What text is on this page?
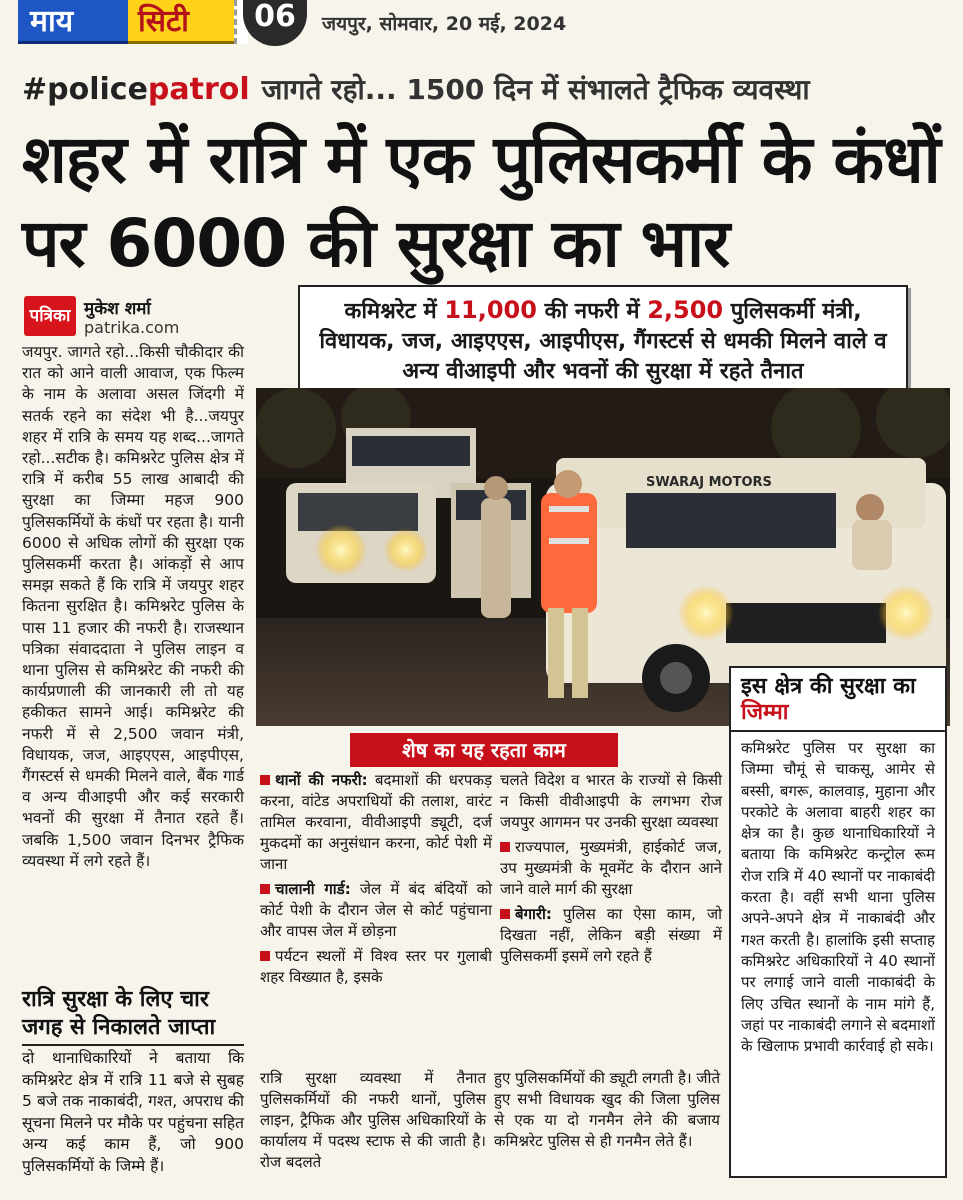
माय	सिटी	06	जयपुर, सोमवार, 20 मई, 2024
#policepatrol जागते रहो... 1500 दिन में संभालते ट्रैफिक व्यवस्था
शहर में रात्रि में एक पुलिसकर्मी के कंधों पर 6000 की सुरक्षा का भार
पत्रिका मुकेश शर्मा
patrika.com
जयपुर. जागते रहो...किसी चौकीदार की रात को आने वाली आवाज, एक फिल्म के नाम के अलावा असल जिंदगी में सतर्क रहने का संदेश भी है...जयपुर शहर में रात्रि के समय यह शब्द...जागते रहो...सटीक है। कमिश्नरेट पुलिस क्षेत्र में रात्रि में करीब 55 लाख आबादी की सुरक्षा का जिम्मा महज 900 पुलिसकर्मियों के कंधों पर रहता है। यानी 6000 से अधिक लोगों की सुरक्षा एक पुलिसकर्मी करता है। आंकड़ों से आप समझ सकते हैं कि रात्रि में जयपुर शहर कितना सुरक्षित है। कमिश्नरेट पुलिस के पास 11 हजार की नफरी है। राजस्थान पत्रिका संवाददाता ने पुलिस लाइन व थाना पुलिस से कमिश्नरेट की नफरी की कार्यप्रणाली की जानकारी ली तो यह हकीकत सामने आई। कमिश्नरेट की नफरी में से 2,500 जवान मंत्री, विधायक, जज, आइएएस, आइपीएस, गैंगस्टर्स से धमकी मिलने वाले, बैंक गार्ड व अन्य वीआइपी और कई सरकारी भवनों की सुरक्षा में तैनात रहते हैं। जबकि 1,500 जवान दिनभर ट्रैफिक व्यवस्था में लगे रहते हैं।
रात्रि सुरक्षा के लिए चार जगह से निकालते जाप्ता
दो थानाधिकारियों ने बताया कि कमिश्नरेट क्षेत्र में रात्रि 11 बजे से सुबह 5 बजे तक नाकाबंदी, गश्त, अपराध की सूचना मिलने पर मौके पर पहुंचना सहित अन्य कई काम हैं, जो 900 पुलिसकर्मियों के जिम्मे हैं।
कमिश्नरेट में 11,000 की नफरी में 2,500 पुलिसकर्मी मंत्री, विधायक, जज, आइएएस, आइपीएस, गैंगस्टर्स से धमकी मिलने वाले व अन्य वीआइपी और भवनों की सुरक्षा में रहते तैनात
SWARAJ MOTORS
शेष का यह रहता काम
थानों की नफरी: बदमाशों की धरपकड़ करना, वांटेड अपराधियों की तलाश, वारंट तामिल करवाना, वीवीआइपी ड्यूटी, दर्ज मुकदमों का अनुसंधान करना, कोर्ट पेशी में जाना
चालानी गार्ड: जेल में बंद बंदियों को कोर्ट पेशी के दौरान जेल से कोर्ट पहुंचाना और वापस जेल में छोड़ना
पर्यटन स्थलों में विश्व स्तर पर गुलाबी शहर विख्यात है, इसके
चलते विदेश व भारत के राज्यों से किसी न किसी वीवीआइपी के लगभग रोज जयपुर आगमन पर उनकी सुरक्षा व्यवस्था
राज्यपाल, मुख्यमंत्री, हाईकोर्ट जज, उप मुख्यमंत्री के मूवमेंट के दौरान आने जाने वाले मार्ग की सुरक्षा
बेगारी: पुलिस का ऐसा काम, जो दिखता नहीं, लेकिन बड़ी संख्या में पुलिसकर्मी इसमें लगे रहते हैं
रात्रि सुरक्षा व्यवस्था में तैनात पुलिसकर्मियों की नफरी थानों, पुलिस लाइन, ट्रैफिक और पुलिस अधिकारियों के कार्यालय में पदस्थ स्टाफ से की जाती है। रोज बदलते
हुए पुलिसकर्मियों की ड्यूटी लगती है। जीते हुए सभी विधायक खुद की जिला पुलिस से एक या दो गनमैन लेने की बजाय कमिश्नरेट पुलिस से ही गनमैन लेते हैं।
इस क्षेत्र की सुरक्षा का जिम्मा
कमिश्नरेट पुलिस पर सुरक्षा का जिम्मा चौमूं से चाकसू, आमेर से बस्सी, बगरू, कालवाड़, मुहाना और परकोटे के अलावा बाहरी शहर का क्षेत्र का है। कुछ थानाधिकारियों ने बताया कि कमिश्नरेट कन्ट्रोल रूम रोज रात्रि में 40 स्थानों पर नाकाबंदी करता है। वहीं सभी थाना पुलिस अपने-अपने क्षेत्र में नाकाबंदी और गश्त करती है। हालांकि इसी सप्ताह कमिश्नरेट अधिकारियों ने 40 स्थानों पर लगाई जाने वाली नाकाबंदी के लिए उचित स्थानों के नाम मांगे हैं, जहां पर नाकाबंदी लगाने से बदमाशों के खिलाफ प्रभावी कार्रवाई हो सके।
